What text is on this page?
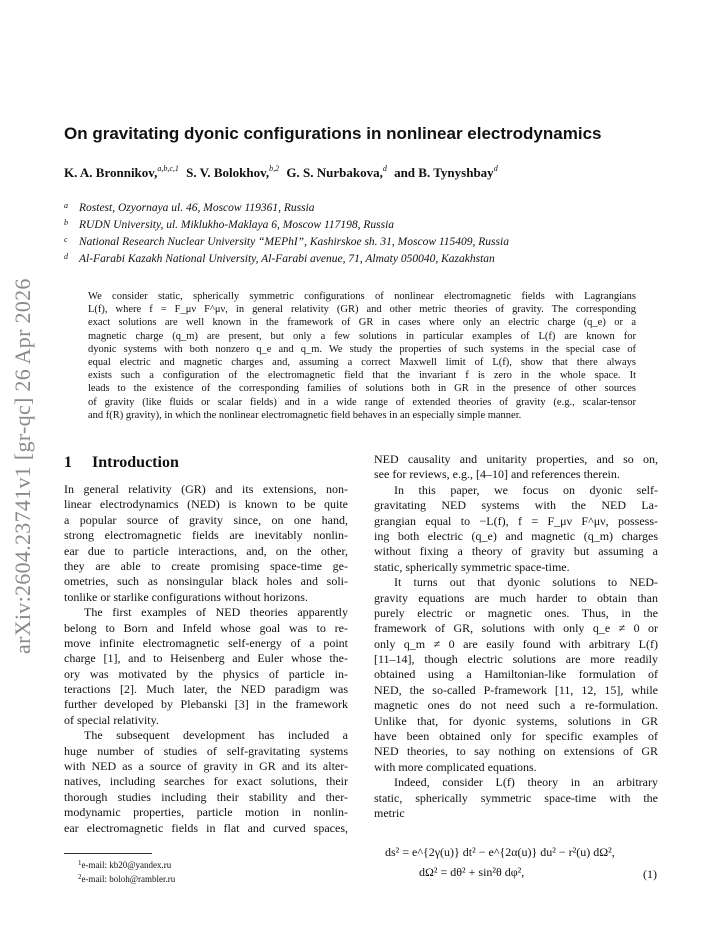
arXiv:2604.23741v1 [gr-qc] 26 Apr 2026
On gravitating dyonic configurations in nonlinear electrodynamics
K. A. Bronnikov,$^{a,b,c,1}$ S. V. Bolokhov,$^{b,2}$ G. S. Nurbakova,$^d$ and B. Tynyshbay$^d$
a Rostest, Ozyornaya ul. 46, Moscow 119361, Russia
b RUDN University, ul. Miklukho-Maklaya 6, Moscow 117198, Russia
c National Research Nuclear University “MEPhI”, Kashirskoe sh. 31, Moscow 115409, Russia
d Al-Farabi Kazakh National University, Al-Farabi avenue, 71, Almaty 050040, Kazakhstan
We consider static, spherically symmetric configurations of nonlinear electromagnetic fields with Lagrangians
L(f), where f = F_μν F^μν, in general relativity (GR) and other metric theories of gravity. The corresponding
exact solutions are well known in the framework of GR in cases where only an electric charge (q_e) or a
magnetic charge (q_m) are present, but only a few solutions in particular examples of L(f) are known for
dyonic systems with both nonzero q_e and q_m. We study the properties of such systems in the special case of
equal electric and magnetic charges and, assuming a correct Maxwell limit of L(f), show that there always
exists such a configuration of the electromagnetic field that the invariant f is zero in the whole space. It
leads to the existence of the corresponding families of solutions both in GR in the presence of other sources
of gravity (like fluids or scalar fields) and in a wide range of extended theories of gravity (e.g., scalar-tensor
and f(R) gravity), in which the nonlinear electromagnetic field behaves in an especially simple manner.
1 Introduction
In general relativity (GR) and its extensions, non-
linear electrodynamics (NED) is known to be quite
a popular source of gravity since, on one hand,
strong electromagnetic fields are inevitably nonlin-
ear due to particle interactions, and, on the other,
they are able to create promising space-time ge-
ometries, such as nonsingular black holes and soli-
tonlike or starlike configurations without horizons.
The first examples of NED theories apparently
belong to Born and Infeld whose goal was to re-
move infinite electromagnetic self-energy of a point
charge [1], and to Heisenberg and Euler whose the-
ory was motivated by the physics of particle in-
teractions [2]. Much later, the NED paradigm was
further developed by Plebanski [3] in the framework
of special relativity.
The subsequent development has included a
huge number of studies of self-gravitating systems
with NED as a source of gravity in GR and its alter-
natives, including searches for exact solutions, their
thorough studies including their stability and ther-
modynamic properties, particle motion in nonlin-
ear electromagnetic fields in flat and curved spaces,
NED causality and unitarity properties, and so on,
see for reviews, e.g., [4–10] and references therein.
In this paper, we focus on dyonic self-
gravitating NED systems with the NED La-
grangian equal to −L(f), f = F_μν F^μν, possess-
ing both electric (q_e) and magnetic (q_m) charges
without fixing a theory of gravity but assuming a
static, spherically symmetric space-time.
It turns out that dyonic solutions to NED-
gravity equations are much harder to obtain than
purely electric or magnetic ones. Thus, in the
framework of GR, solutions with only q_e ≠ 0 or
only q_m ≠ 0 are easily found with arbitrary L(f)
[11–14], though electric solutions are more readily
obtained using a Hamiltonian-like formulation of
NED, the so-called P-framework [11, 12, 15], while
magnetic ones do not need such a re-formulation.
Unlike that, for dyonic systems, solutions in GR
have been obtained only for specific examples of
NED theories, to say nothing on extensions of GR
with more complicated equations.
Indeed, consider L(f) theory in an arbitrary
static, spherically symmetric space-time with the
metric
ds² = e^{2γ(u)} dt² − e^{2α(u)} du² − r²(u) dΩ²,
dΩ² = dθ² + sin²θ dφ²,	(1)
$^1$e-mail: kb20@yandex.ru
$^2$e-mail: boloh@rambler.ru
